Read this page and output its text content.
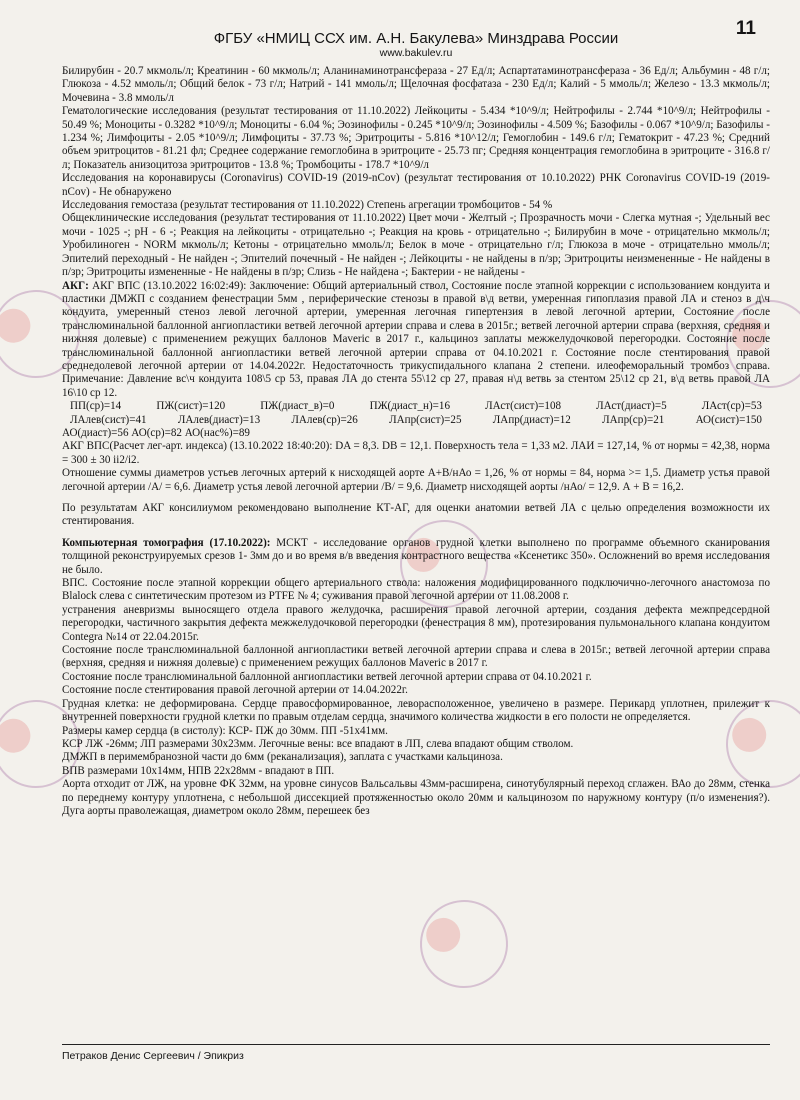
11
ФГБУ «НМИЦ ССХ им. А.Н. Бакулева» Минздрава России
www.bakulev.ru

Билирубин - 20.7 мкмоль/л; Креатинин - 60 мкмоль/л; Аланинаминотрансфераза - 27 Ед/л; Аспартатаминотрансфераза - 36 Ед/л; Альбумин - 48 г/л; Глюкоза - 4.52 ммоль/л; Общий белок - 73 г/л; Натрий - 141 ммоль/л; Щелочная фосфатаза - 230 Ед/л; Калий - 5 ммоль/л; Железо - 13.3 мкмоль/л; Мочевина - 3.8 ммоль/л

Гематологические исследования (результат тестирования от 11.10.2022) Лейкоциты - 5.434 *10^9/л; Нейтрофилы - 2.744 *10^9/л; Нейтрофилы - 50.49 %; Моноциты - 0.3282 *10^9/л; Моноциты - 6.04 %; Эозинофилы - 0.245 *10^9/л; Эозинофилы - 4.509 %; Базофилы - 0.067 *10^9/л; Базофилы - 1.234 %; Лимфоциты - 2.05 *10^9/л; Лимфоциты - 37.73 %; Эритроциты - 5.816 *10^12/л; Гемоглобин - 149.6 г/л; Гематокрит - 47.23 %; Средний объем эритроцитов - 81.21 фл; Среднее содержание гемоглобина в эритроците - 25.73 пг; Средняя концентрация гемоглобина в эритроците - 316.8 г/л; Показатель анизоцитоза эритроцитов - 13.8 %; Тромбоциты - 178.7 *10^9/л

Исследования на коронавирусы (Coronavirus) COVID-19 (2019-nCov) (результат тестирования от 10.10.2022) РНК Coronavirus COVID-19 (2019-nCov) - Не обнаружено

Исследования гемостаза (результат тестирования от 11.10.2022) Степень агрегации тромбоцитов - 54 %

Общеклинические исследования (результат тестирования от 11.10.2022) Цвет мочи - Желтый -; Прозрачность мочи - Слегка мутная -; Удельный вес мочи - 1025 -; pH - 6 -; Реакция на лейкоциты - отрицательно -; Реакция на кровь - отрицательно -; Билирубин в моче - отрицательно мкмоль/л; Уробилиноген - NORM мкмоль/л; Кетоны - отрицательно ммоль/л; Белок в моче - отрицательно г/л; Глюкоза в моче - отрицательно ммоль/л; Эпителий переходный - Не найден -; Эпителий почечный - Не найден -; Лейкоциты - не найдены в п/зр; Эритроциты неизмененные - Не найдены в п/зр; Эритроциты измененные - Не найдены в п/зр; Слизь - Не найдена -; Бактерии - не найдены -

АКГ: АКГ ВПС (13.10.2022 16:02:49): Заключение: Общий артериальный ствол, Состояние после этапной коррекции с использованием кондуита и пластики ДМЖП с созданием фенестрации 5мм , периферические стенозы в правой в\д ветви, умеренная гипоплазия правой ЛА и стеноз в д\ч кондуита, умеренный стеноз левой легочной артерии, умеренная легочная гипертензия в левой легочной артерии, Состояние после транслюминальной баллонной ангиопластики ветвей легочной артерии справа и слева в 2015г.; ветвей легочной артерии справа (верхняя, средняя и нижняя долевые) с применением режущих баллонов Maveric в 2017 г., кальциноз заплаты межжелудочковой перегородки. Состояние после транслюминальной баллонной ангиопластики ветвей легочной артерии справа от 04.10.2021 г. Состояние после стентирования правой среднедолевой легочной артерии от 14.04.2022г. Недостаточность трикуспидального клапана 2 степени. илеофеморальный тромбоз справа. Примечание: Давление вс\ч кондуита 108\5 ср 53, правая ЛА до стента 55\12 ср 27, правая н\д ветвь за стентом 25\12 ср 21, в\д ветвь правой ЛА 16\10 ср 12.

ПП(ср)=14	ПЖ(сист)=120	ПЖ(диаст_в)=0	ПЖ(диаст_н)=16	ЛАст(сист)=108	ЛАст(диаст)=5	ЛАст(ср)=53
ЛАлев(сист)=41	ЛАлев(диаст)=13	ЛАлев(ср)=26	ЛАпр(сист)=25	ЛАпр(диаст)=12	ЛАпр(ср)=21	АО(сист)=150

АО(диаст)=56 АО(ср)=82 АО(нас%)=89

АКГ ВПС(Расчет лег-арт. индекса) (13.10.2022 18:40:20): DA = 8,3. DB = 12,1. Поверхность тела = 1,33 м2. ЛАИ = 127,14, % от нормы = 42,38, норма = 300 ± 30 ii2/i2.

Отношение суммы диаметров устьев легочных артерий к нисходящей аорте А+В/нАо = 1,26, % от нормы = 84, норма >= 1,5. Диаметр устья правой легочной артерии /А/ = 6,6. Диаметр устья левой легочной артерии /В/ = 9,6. Диаметр нисходящей аорты /нАо/ = 12,9. А + В = 16,2.

По результатам АКГ консилиумом рекомендовано выполнение КТ-АГ, для оценки анатомии ветвей ЛА с целью определения возможности их стентирования.

Компьютерная томография (17.10.2022): МСКТ - исследование органов грудной клетки выполнено по программе объемного сканирования толщиной реконструируемых срезов 1- 3мм до и во время в/в введения контрастного вещества «Ксенетикс 350». Осложнений во время исследования не было.

ВПС. Состояние после этапной коррекции общего артериального ствола: наложения модифицированного подключично-легочного анастомоза по Blalock слева с синтетическим протезом из PTFE № 4; суживания правой легочной артерии от 11.08.2008 г.

устранения аневризмы выносящего отдела правого желудочка, расширения правой легочной артерии, создания дефекта межпредсердной перегородки, частичного закрытия дефекта межжелудочковой перегородки (фенестрация 8 мм), протезирования пульмонального клапана кондуитом Contegra №14 от 22.04.2015г.

Состояние после транслюминальной баллонной ангиопластики ветвей легочной артерии справа и слева в 2015г.; ветвей легочной артерии справа (верхняя, средняя и нижняя долевые) с применением режущих баллонов Maveric в 2017 г.

Состояние после транслюминальной баллонной ангиопластики ветвей легочной артерии справа от 04.10.2021 г.

Состояние после стентирования правой легочной артерии от 14.04.2022г.

Грудная клетка: не деформирована. Сердце правосформированное, леворасположенное, увеличено в размере. Перикард уплотнен, прилежит к внутренней поверхности грудной клетки по правым отделам сердца, значимого количества жидкости в его полости не определяется.

Размеры камер сердца (в систолу): КСР- ПЖ до 30мм. ПП -51х41мм.

КСР ЛЖ -26мм; ЛП размерами 30х23мм. Легочные вены: все впадают в ЛП, слева впадают общим стволом.

ДМЖП в перимембранозной части до 6мм (реканализация), заплата с участками кальциноза.

ВПВ размерами 10х14мм, НПВ 22х28мм - впадают в ПП.

Аорта отходит от ЛЖ, на уровне ФК 32мм, на уровне синусов Вальсальвы 43мм-расширена, синотубулярный переход сглажен. ВАо до 28мм, стенка по переднему контуру уплотнена, с небольшой диссекцией протяженностью около 20мм и кальцинозом по наружному контуру (п/о изменения?). Дуга аорты праволежащая, диаметром около 28мм, перешеек без

Петраков Денис Сергеевич / Эпикриз
